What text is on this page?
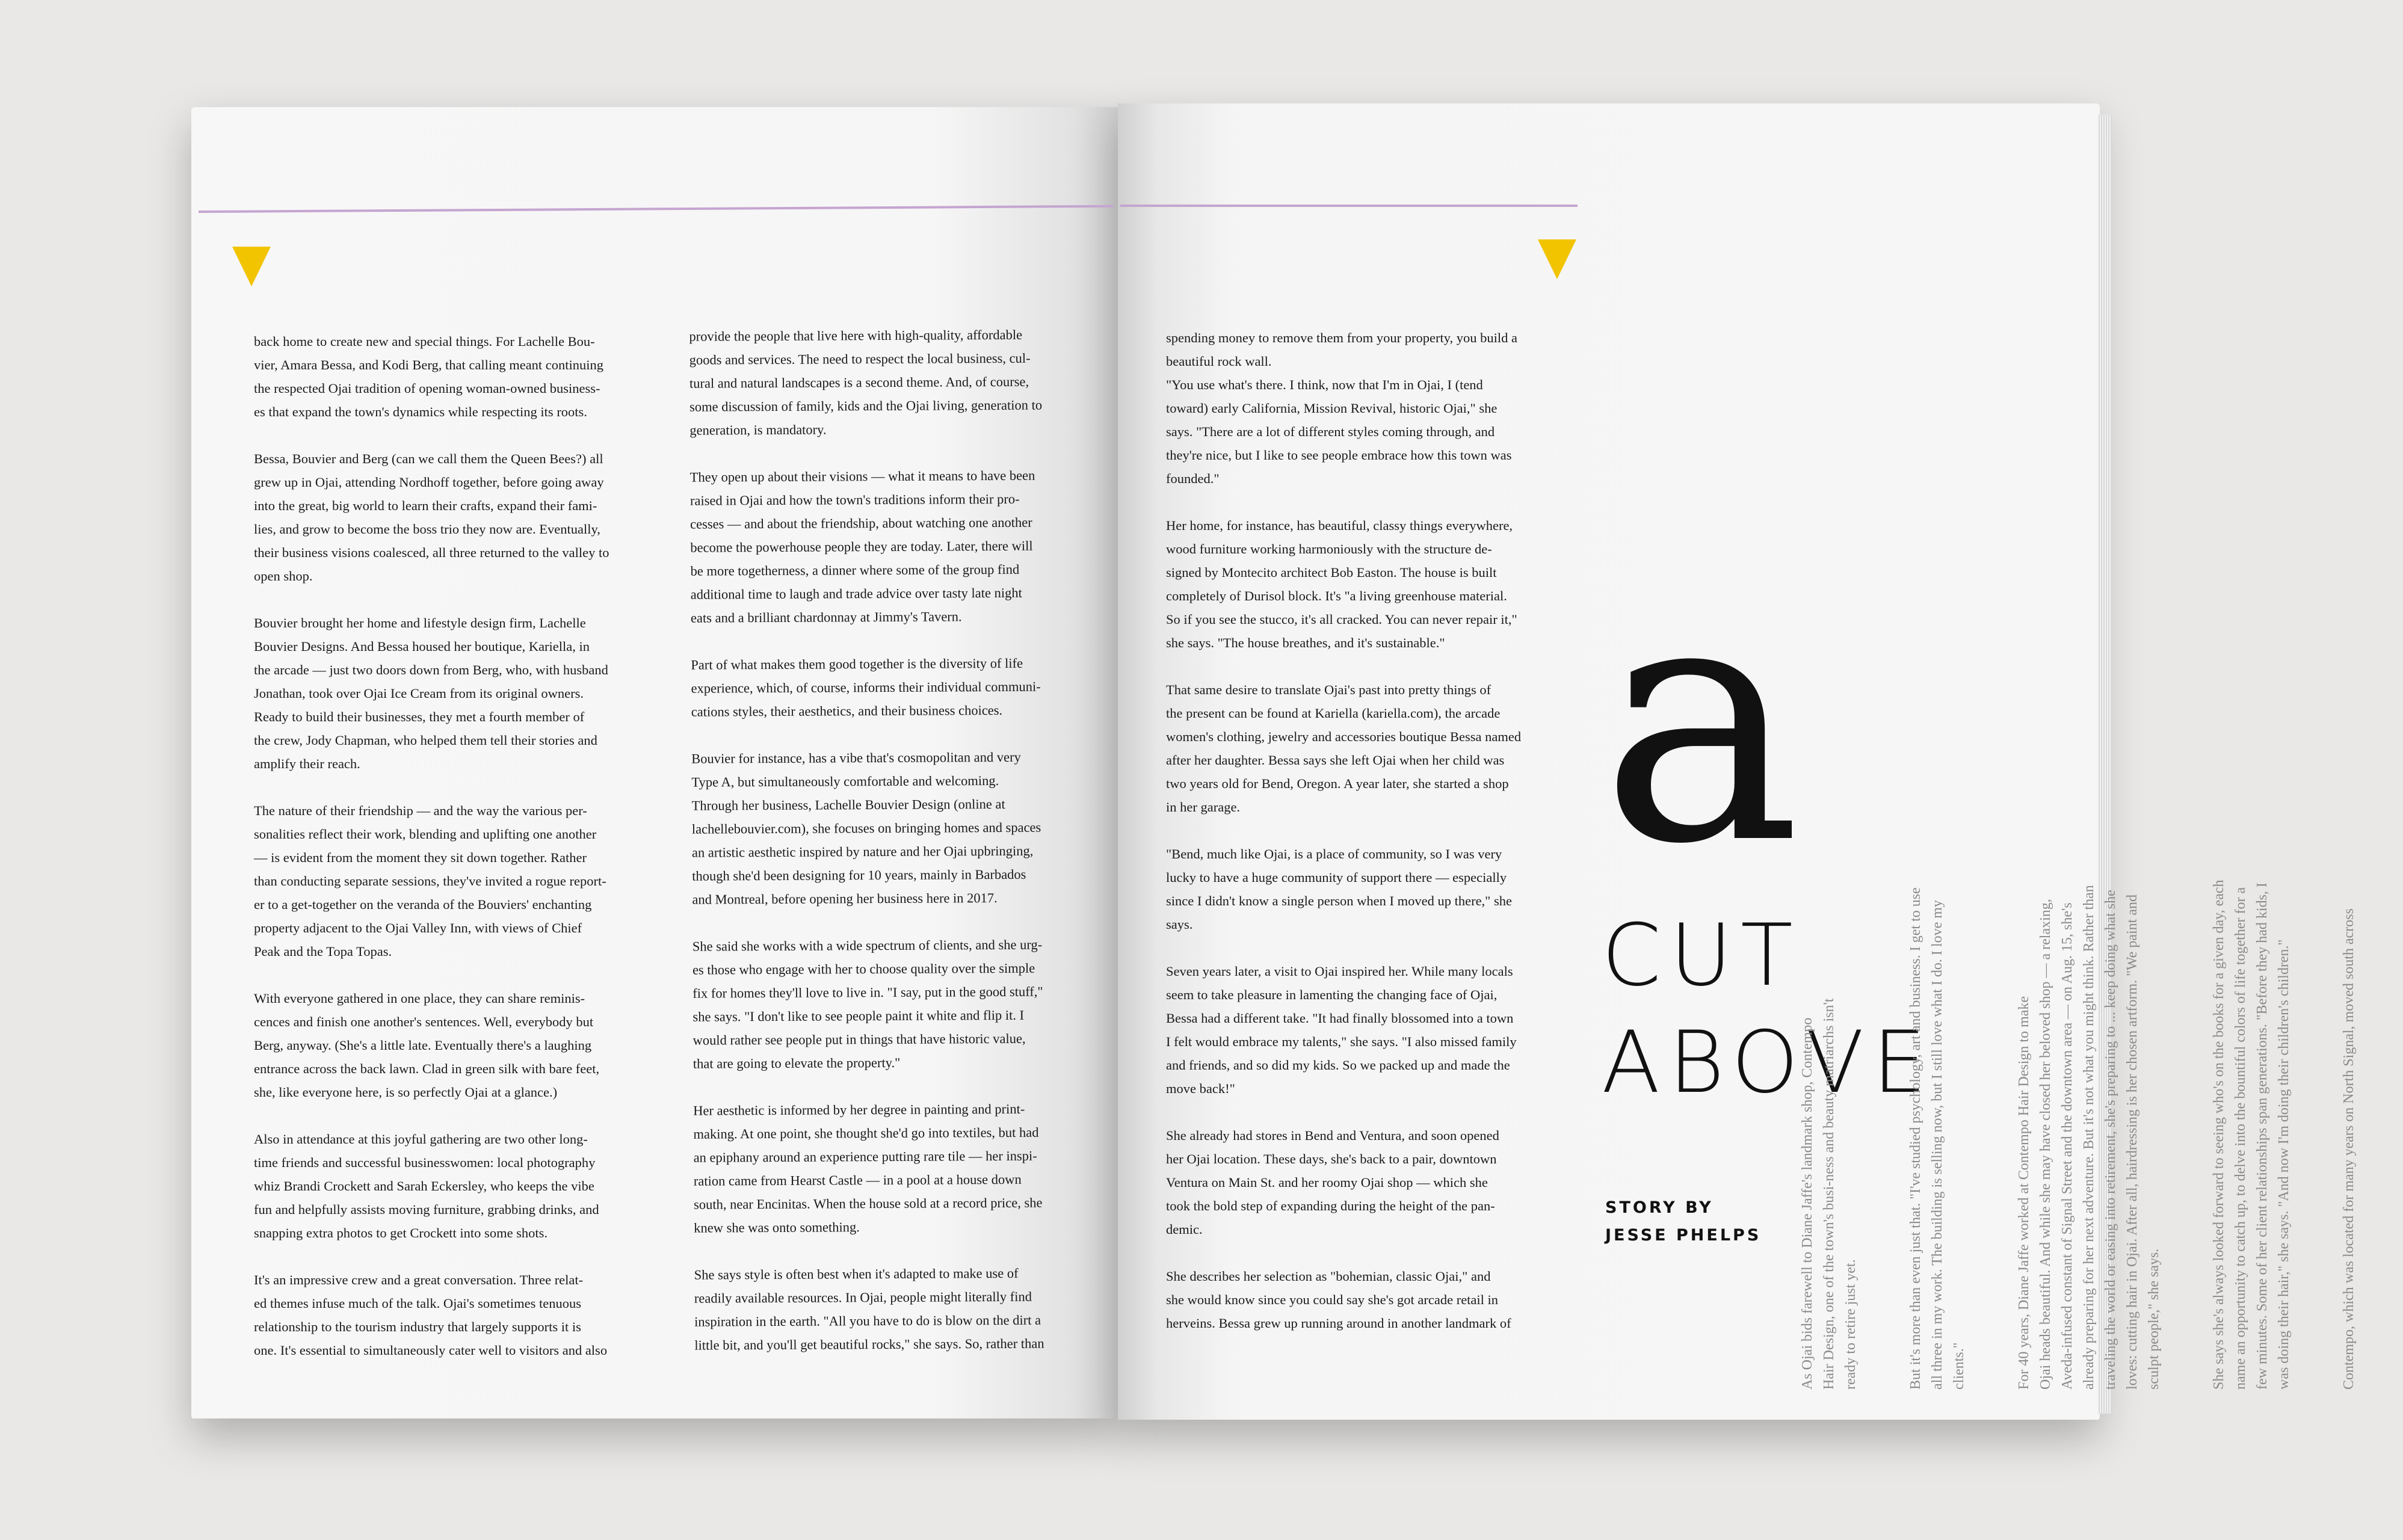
back home to create new and special things. For Lachelle Bou-
vier, Amara Bessa, and Kodi Berg, that calling meant continuing
the respected Ojai tradition of opening woman-owned business-
es that expand the town's dynamics while respecting its roots.

Bessa, Bouvier and Berg (can we call them the Queen Bees?) all
grew up in Ojai, attending Nordhoff together, before going away
into the great, big world to learn their crafts, expand their fami-
lies, and grow to become the boss trio they now are. Eventually,
their business visions coalesced, all three returned to the valley to
open shop.

Bouvier brought her home and lifestyle design firm, Lachelle
Bouvier Designs. And Bessa housed her boutique, Kariella, in
the arcade — just two doors down from Berg, who, with husband
Jonathan, took over Ojai Ice Cream from its original owners.
Ready to build their businesses, they met a fourth member of
the crew, Jody Chapman, who helped them tell their stories and
amplify their reach.

The nature of their friendship — and the way the various per-
sonalities reflect their work, blending and uplifting one another
— is evident from the moment they sit down together. Rather
than conducting separate sessions, they've invited a rogue report-
er to a get-together on the veranda of the Bouviers' enchanting
property adjacent to the Ojai Valley Inn, with views of Chief
Peak and the Topa Topas.

With everyone gathered in one place, they can share reminis-
cences and finish one another's sentences. Well, everybody but
Berg, anyway. (She's a little late. Eventually there's a laughing
entrance across the back lawn. Clad in green silk with bare feet,
she, like everyone here, is so perfectly Ojai at a glance.)

Also in attendance at this joyful gathering are two other long-
time friends and successful businesswomen: local photography
whiz Brandi Crockett and Sarah Eckersley, who keeps the vibe
fun and helpfully assists moving furniture, grabbing drinks, and
snapping extra photos to get Crockett into some shots.

It's an impressive crew and a great conversation. Three relat-
ed themes infuse much of the talk. Ojai's sometimes tenuous
relationship to the tourism industry that largely supports it is
one. It's essential to simultaneously cater well to visitors and also

provide the people that live here with high-quality, affordable
goods and services. The need to respect the local business, cul-
tural and natural landscapes is a second theme. And, of course,
some discussion of family, kids and the Ojai living, generation to
generation, is mandatory.

They open up about their visions — what it means to have been
raised in Ojai and how the town's traditions inform their pro-
cesses — and about the friendship, about watching one another
become the powerhouse people they are today. Later, there will
be more togetherness, a dinner where some of the group find
additional time to laugh and trade advice over tasty late night
eats and a brilliant chardonnay at Jimmy's Tavern.

Part of what makes them good together is the diversity of life
experience, which, of course, informs their individual communi-
cations styles, their aesthetics, and their business choices.

Bouvier for instance, has a vibe that's cosmopolitan and very
Type A, but simultaneously comfortable and welcoming.
Through her business, Lachelle Bouvier Design (online at
lachellebouvier.com), she focuses on bringing homes and spaces
an artistic aesthetic inspired by nature and her Ojai upbringing,
though she'd been designing for 10 years, mainly in Barbados
and Montreal, before opening her business here in 2017.

She said she works with a wide spectrum of clients, and she urg-
es those who engage with her to choose quality over the simple
fix for homes they'll love to live in. "I say, put in the good stuff,"
she says. "I don't like to see people paint it white and flip it. I
would rather see people put in things that have historic value,
that are going to elevate the property."

Her aesthetic is informed by her degree in painting and print-
making. At one point, she thought she'd go into textiles, but had
an epiphany around an experience putting rare tile — her inspi-
ration came from Hearst Castle — in a pool at a house down
south, near Encinitas. When the house sold at a record price, she
knew she was onto something.

She says style is often best when it's adapted to make use of
readily available resources. In Ojai, people might literally find
inspiration in the earth. "All you have to do is blow on the dirt a
little bit, and you'll get beautiful rocks," she says. So, rather than

spending money to remove them from your property, you build a
beautiful rock wall.
"You use what's there. I think, now that I'm in Ojai, I (tend
toward) early California, Mission Revival, historic Ojai," she
says. "There are a lot of different styles coming through, and
they're nice, but I like to see people embrace how this town was
founded."

Her home, for instance, has beautiful, classy things everywhere,
wood furniture working harmoniously with the structure de-
signed by Montecito architect Bob Easton. The house is built
completely of Durisol block. It's "a living greenhouse material.
So if you see the stucco, it's all cracked. You can never repair it,"
she says. "The house breathes, and it's sustainable."

That same desire to translate Ojai's past into pretty things of
the present can be found at Kariella (kariella.com), the arcade
women's clothing, jewelry and accessories boutique Bessa named
after her daughter. Bessa says she left Ojai when her child was
two years old for Bend, Oregon. A year later, she started a shop
in her garage.

"Bend, much like Ojai, is a place of community, so I was very
lucky to have a huge community of support there — especially
since I didn't know a single person when I moved up there," she
says.

Seven years later, a visit to Ojai inspired her. While many locals
seem to take pleasure in lamenting the changing face of Ojai,
Bessa had a different take. "It had finally blossomed into a town
I felt would embrace my talents," she says. "I also missed family
and friends, and so did my kids. So we packed up and made the
move back!"

She already had stores in Bend and Ventura, and soon opened
her Ojai location. These days, she's back to a pair, downtown
Ventura on Main St. and her roomy Ojai shop — which she
took the bold step of expanding during the height of the pan-
demic.

She describes her selection as "bohemian, classic Ojai," and
she would know since you could say she's got arcade retail in
herveins. Bessa grew up running around in another landmark of

a
CUT
ABOVE
STORY BY
JESSE PHELPS

As Ojai bids farewell to Diane Jaffe's landmark shop, Contempo
Hair Design, one of the town's busi-ness and beauty matriarchs isn't
ready to retire just yet.

But it's more than even just that. "I've studied psychology, art and business. I get to use
all three in my work. The building is selling now, but I still love what I do. I love my
clients."	For 40 years, Diane Jaffe worked at Contempo Hair Design to make
Ojai heads beautiful. And while she may have closed her beloved shop — a relaxing,
Aveda-infused constant of Signal Street and the downtown area — on Aug. 15, she's
already preparing for her next adventure. But it's not what you might think. Rather than
traveling the world or easing into retirement, she's preparing to ... keep doing what she
loves: cutting hair in Ojai. After all, hairdressing is her chosen artform. "We paint and
sculpt people," she says.

She says she's always looked forward to seeing who's on the books for a given day, each
name an opportunity to catch up, to delve into the bountiful colors of life together for a
few minutes. Some of her client relationships span generations. "Before they had kids, I
was doing their hair," she says. "And now I'm doing their children's children."	Contempo, which was located for many years on North Signal, moved south across
